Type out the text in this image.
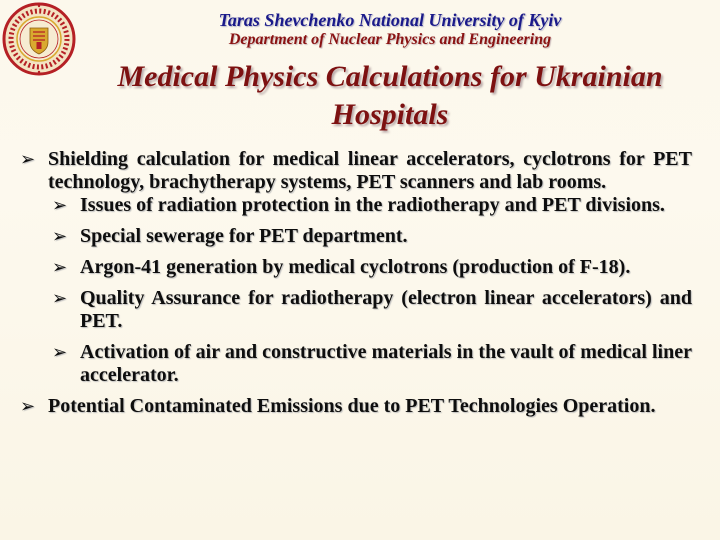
Taras Shevchenko National University of Kyiv
Department of Nuclear Physics and Engineering
Medical Physics Calculations for Ukrainian
Hospitals
➢ Shielding calculation for medical linear accelerators, cyclotrons for PET technology, brachytherapy systems, PET scanners and lab rooms.
➢ Issues of radiation protection in the radiotherapy and PET divisions.
➢ Special sewerage for PET department.
➢ Argon-41 generation by medical cyclotrons (production of F-18).
➢ Quality Assurance for radiotherapy (electron linear accelerators) and PET.
➢ Activation of air and constructive materials in the vault of medical liner accelerator.
➢ Potential Contaminated Emissions due to PET Technologies Operation.
